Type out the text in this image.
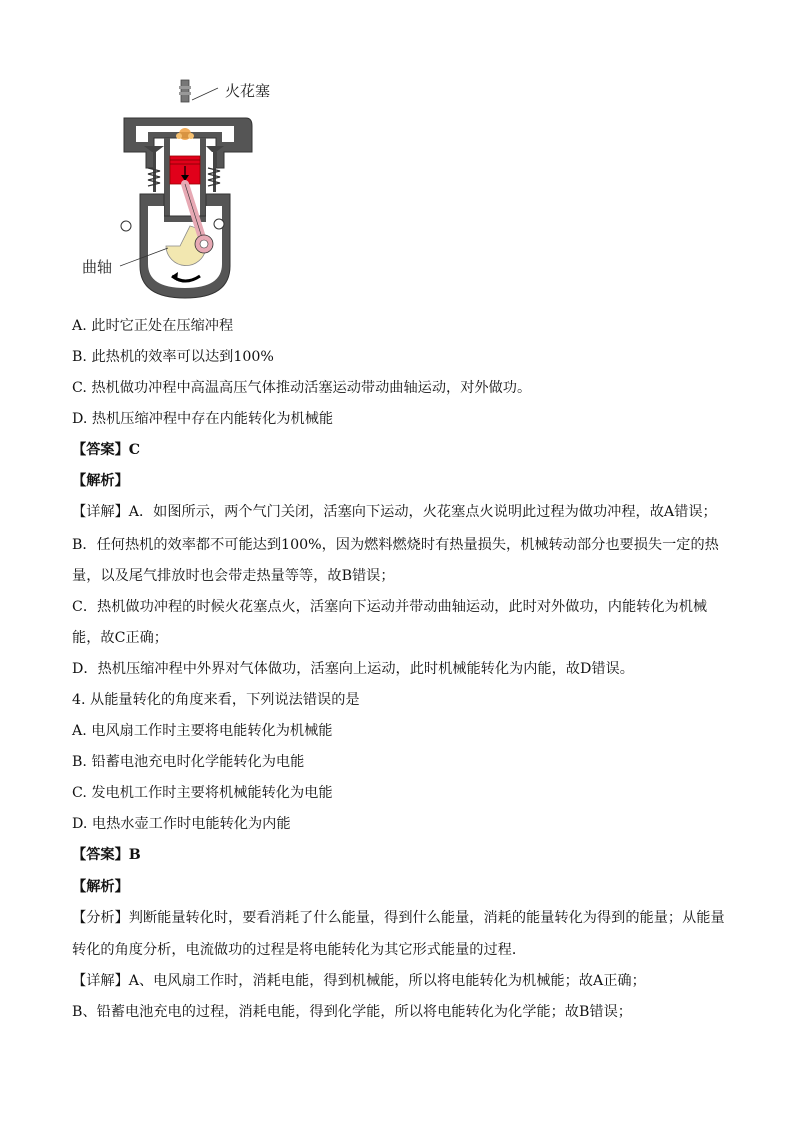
火花塞
曲轴
A. 此时它正处在压缩冲程
B. 此热机的效率可以达到100%
C. 热机做功冲程中高温高压气体推动活塞运动带动曲轴运动，对外做功。
D. 热机压缩冲程中存在内能转化为机械能
【答案】C
【解析】
【详解】A．如图所示，两个气门关闭，活塞向下运动，火花塞点火说明此过程为做功冲程，故A错误；
B．任何热机的效率都不可能达到100%，因为燃料燃烧时有热量损失，机械转动部分也要损失一定的热
量，以及尾气排放时也会带走热量等等，故B错误；
C．热机做功冲程的时候火花塞点火，活塞向下运动并带动曲轴运动，此时对外做功，内能转化为机械
能，故C正确；
D．热机压缩冲程中外界对气体做功，活塞向上运动，此时机械能转化为内能，故D错误。
4. 从能量转化的角度来看，下列说法错误的是
A. 电风扇工作时主要将电能转化为机械能
B. 铅蓄电池充电时化学能转化为电能
C. 发电机工作时主要将机械能转化为电能
D. 电热水壶工作时电能转化为内能
【答案】B
【解析】
【分析】判断能量转化时，要看消耗了什么能量，得到什么能量，消耗的能量转化为得到的能量；从能量
转化的角度分析，电流做功的过程是将电能转化为其它形式能量的过程．
【详解】A、电风扇工作时，消耗电能，得到机械能，所以将电能转化为机械能；故A正确；
B、铅蓄电池充电的过程，消耗电能，得到化学能，所以将电能转化为化学能；故B错误；
